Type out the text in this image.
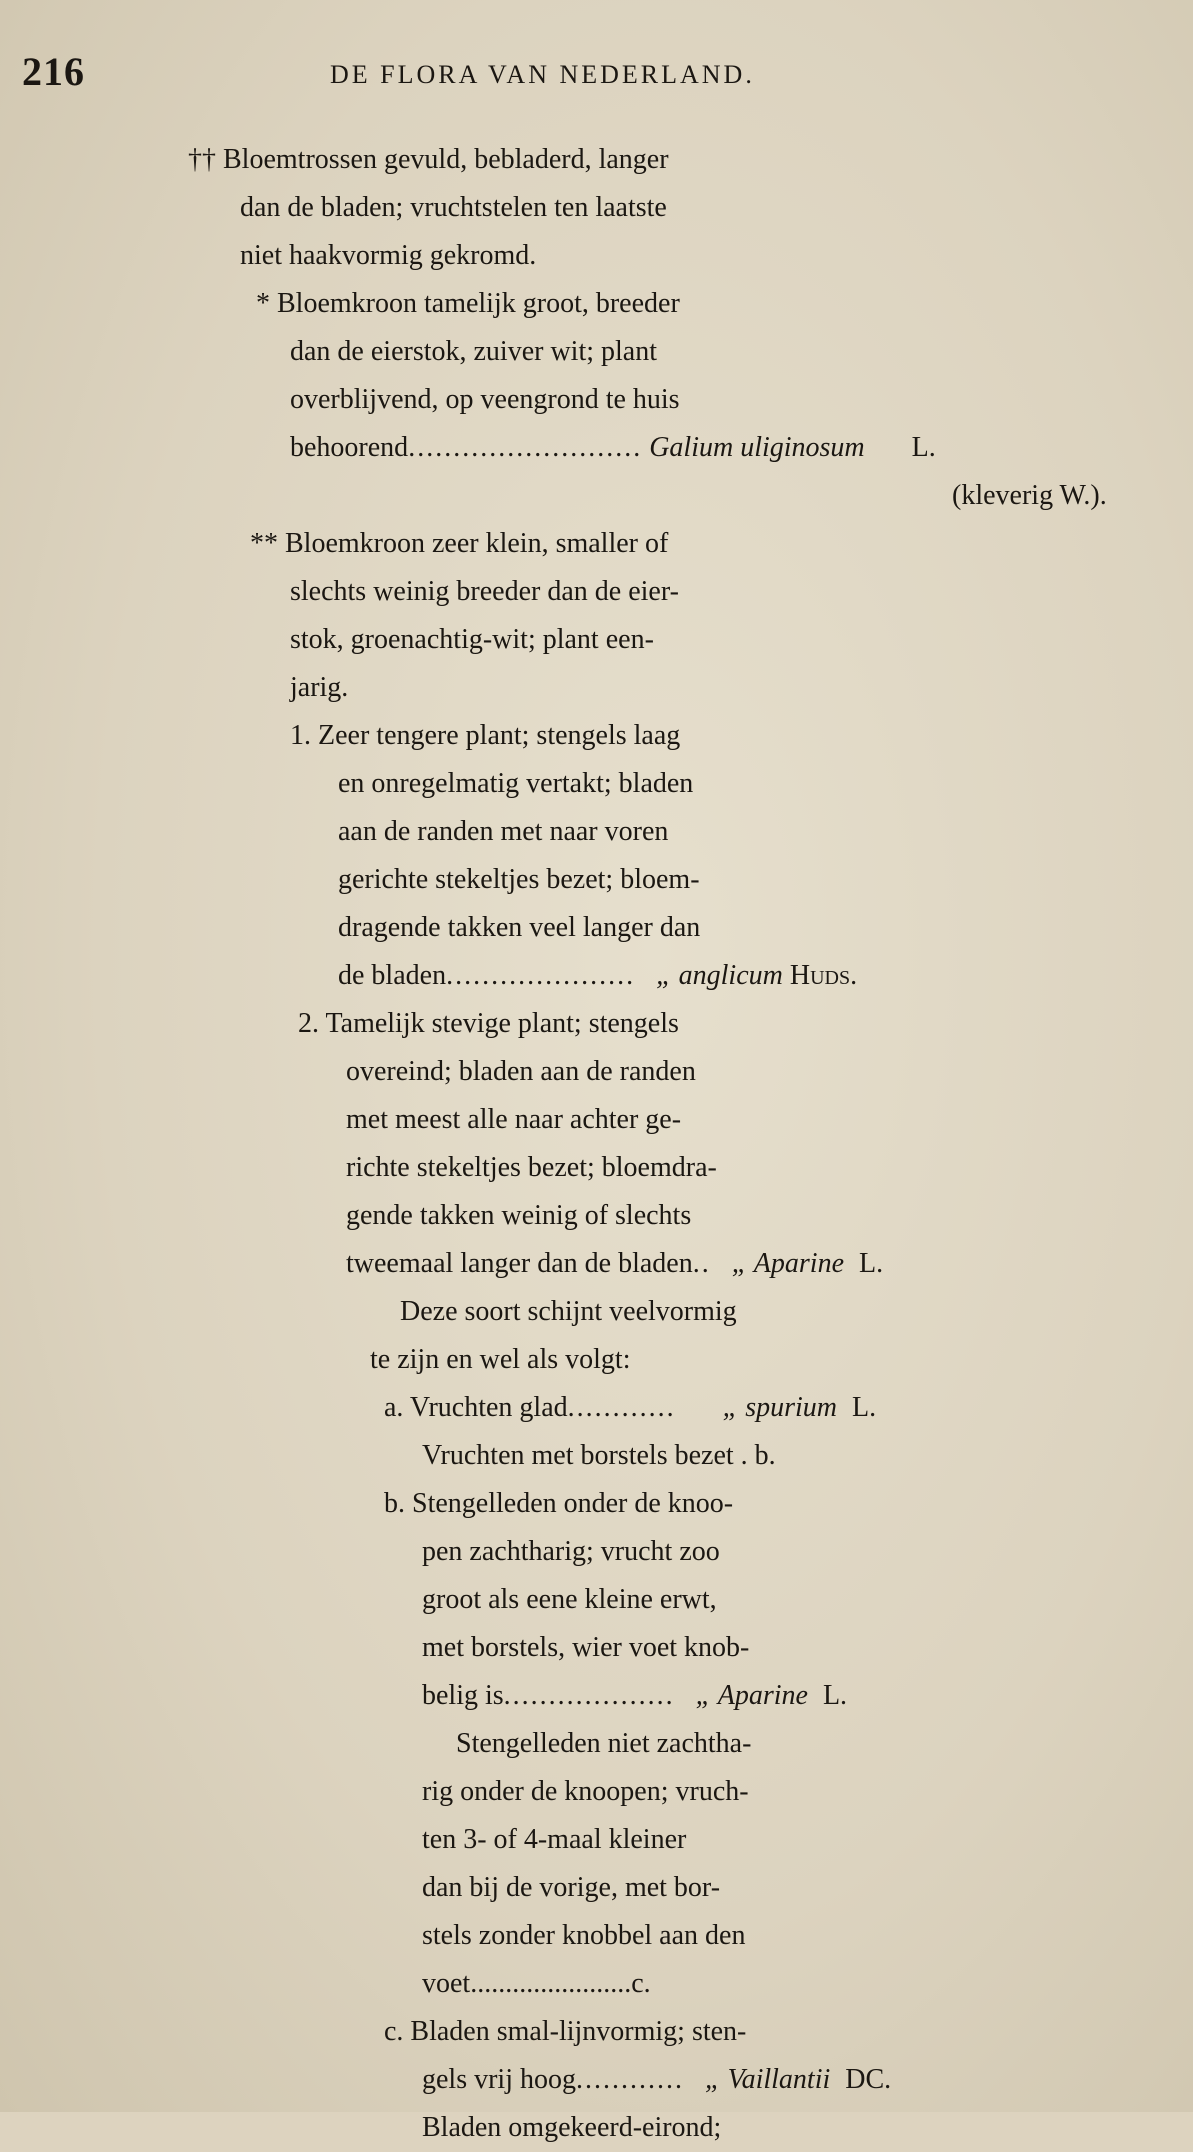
216	DE FLORA VAN NEDERLAND.
†† Bloemtrossen gevuld, bebladerd, langer
dan de bladen; vruchtstelen ten laatste
niet haakvormig gekromd.
* Bloemkroon tamelijk groot, breeder
dan de eierstok, zuiver wit; plant
overblijvend, op veengrond te huis
behoorend.......................... Galium uliginosum L.
(kleverig W.).
** Bloemkroon zeer klein, smaller of
slechts weinig breeder dan de eier-
stok, groenachtig-wit; plant een-
jarig.
1. Zeer tengere plant; stengels laag
en onregelmatig vertakt; bladen
aan de randen met naar voren
gerichte stekeltjes bezet; bloem-
dragende takken veel langer dan
de bladen..................... „ anglicum Huds.
2. Tamelijk stevige plant; stengels
overeind; bladen aan de randen
met meest alle naar achter ge-
richte stekeltjes bezet; bloemdra-
gende takken weinig of slechts
tweemaal langer dan de bladen.. „ Aparine L.
Deze soort schijnt veelvormig
te zijn en wel als volgt:
a. Vruchten glad............ „ spurium L.
Vruchten met borstels bezet . b.
b. Stengelleden onder de knoo-
pen zachtharig; vrucht zoo
groot als eene kleine erwt,
met borstels, wier voet knob-
belig is................... „ Aparine L.
Stengelleden niet zachtha-
rig onder de knoopen; vruch-
ten 3- of 4-maal kleiner
dan bij de vorige, met bor-
stels zonder knobbel aan den
voet.......................c.
c. Bladen smal-lijnvormig; sten-
gels vrij hoog............ „ Vaillantii DC.
Bladen omgekeerd-eirond;
